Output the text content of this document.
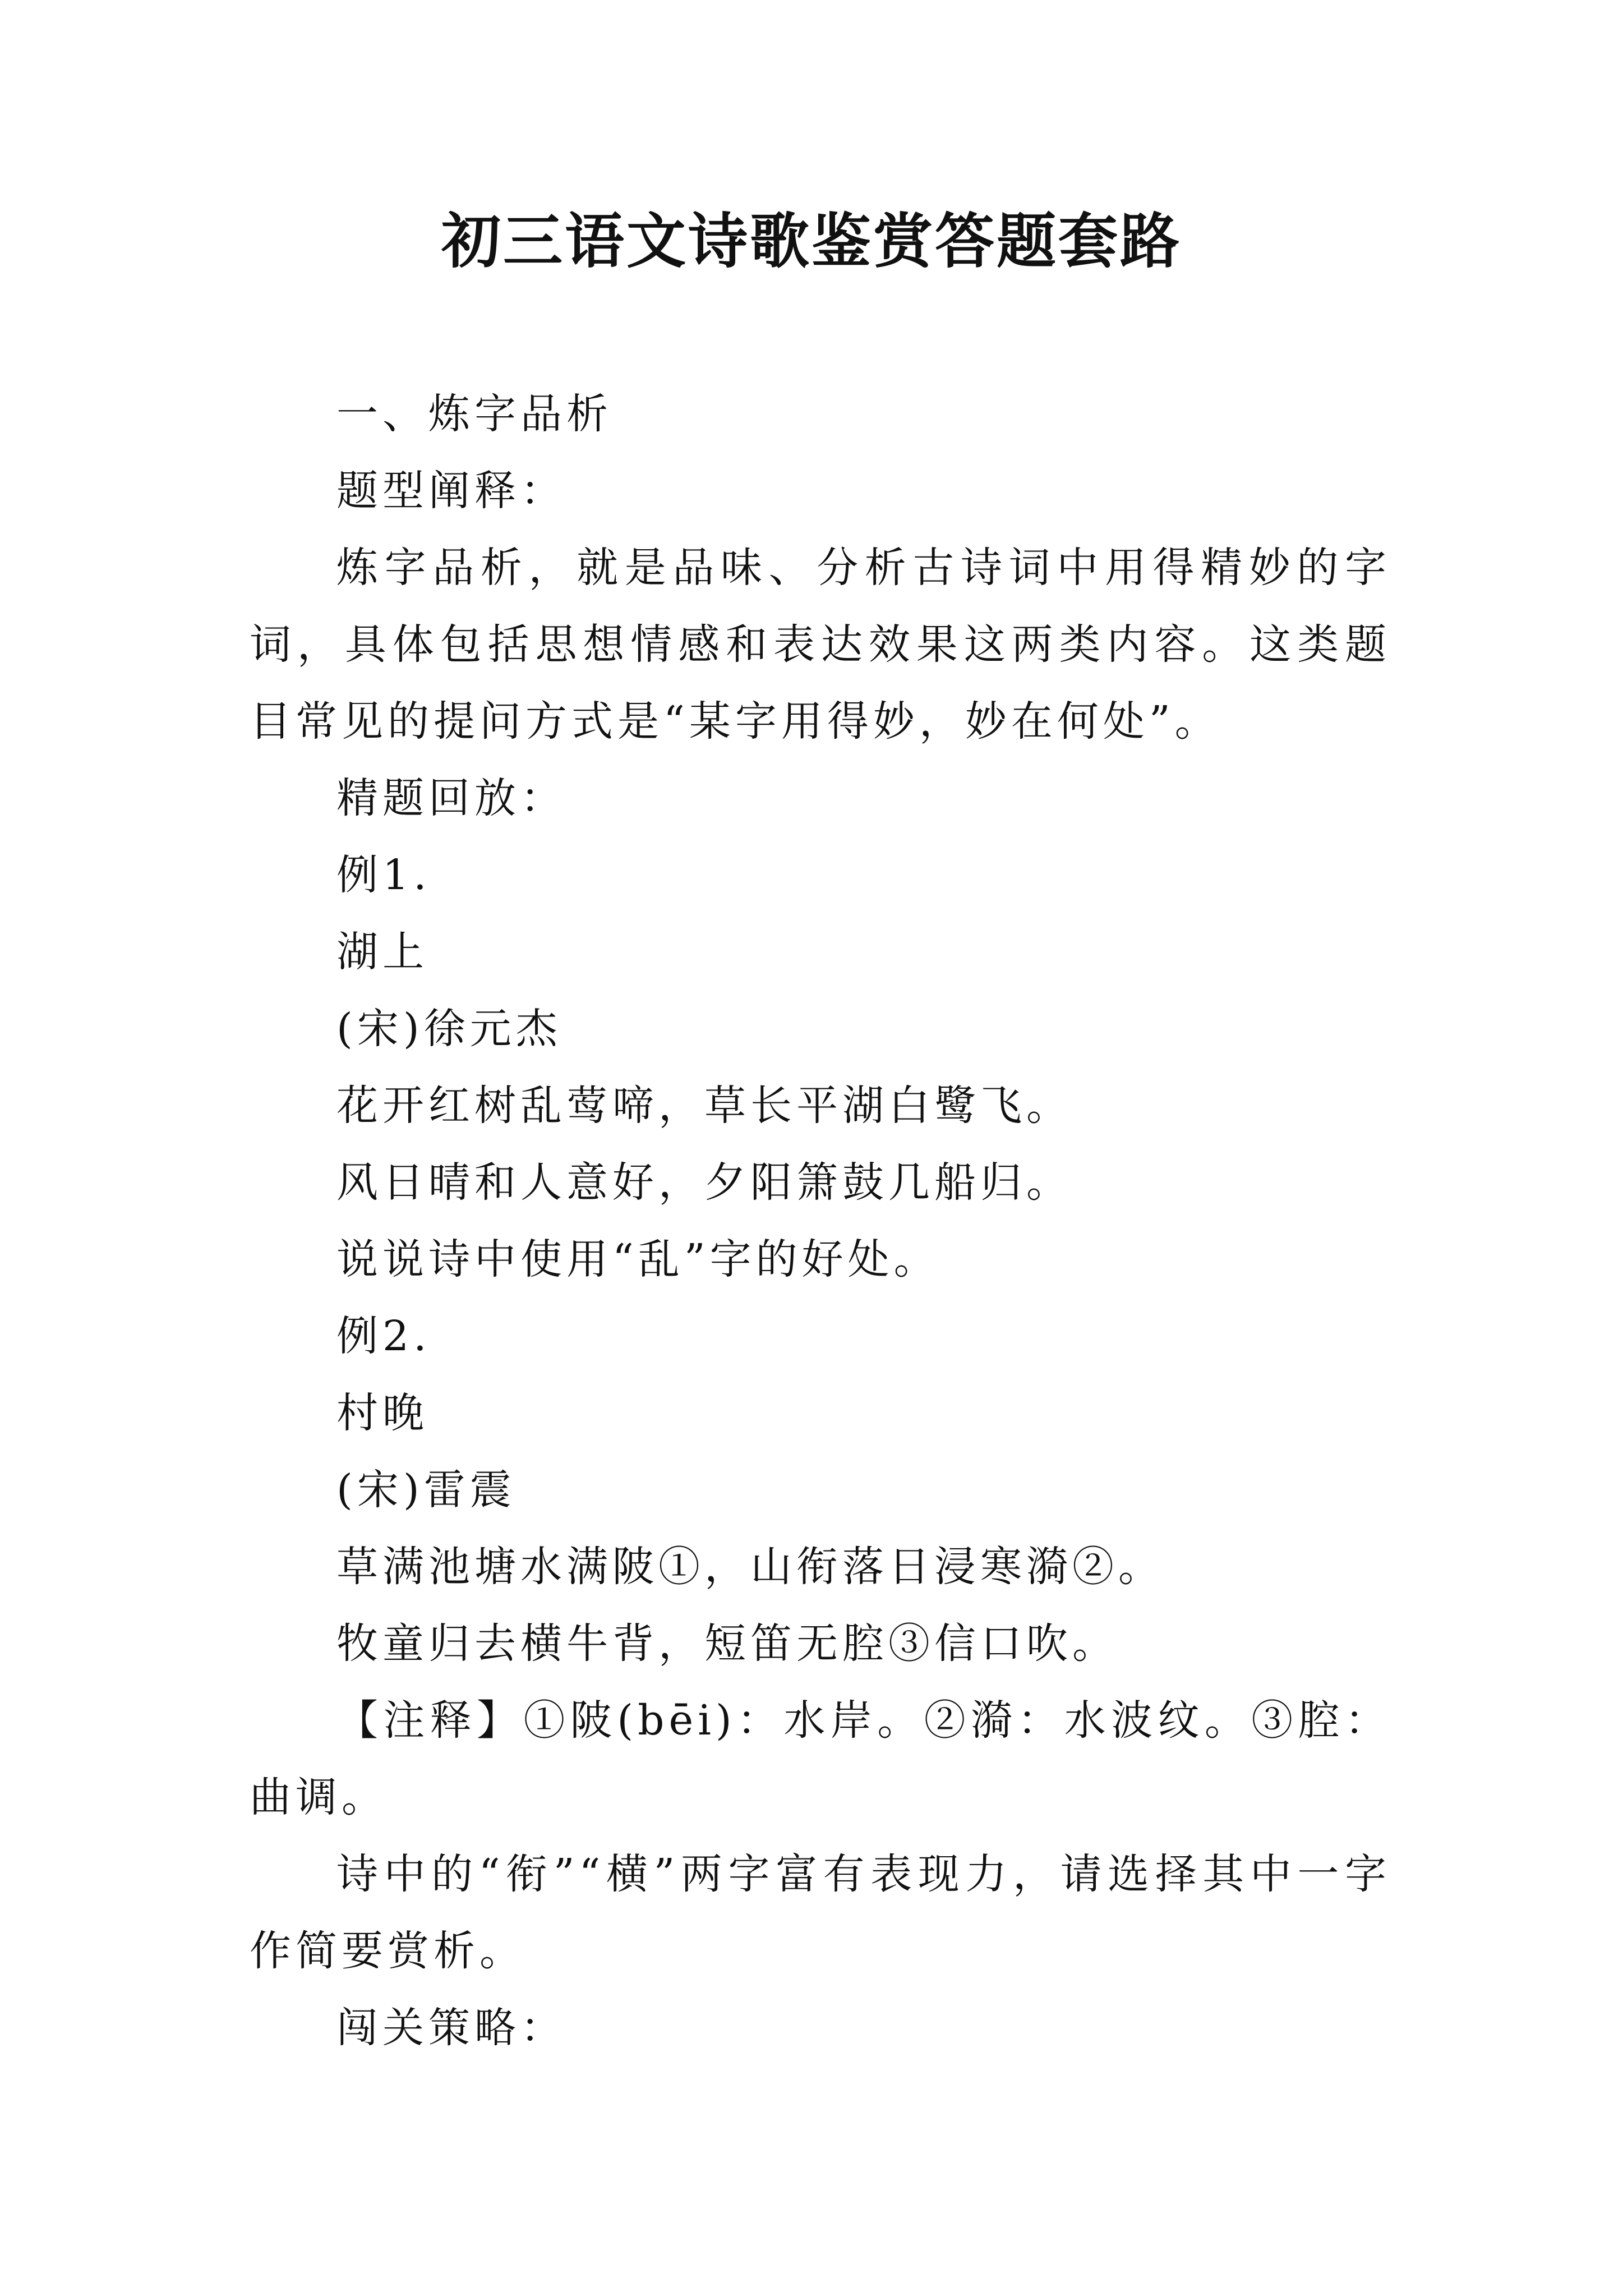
初三语文诗歌鉴赏答题套路

一、炼字品析

题型阐释：

炼字品析，就是品味、分析古诗词中用得精妙的字词，具体包括思想情感和表达效果这两类内容。这类题目常见的提问方式是“某字用得妙，妙在何处”。

精题回放：

例1.

湖上

(宋)徐元杰

花开红树乱莺啼，草长平湖白鹭飞。

风日晴和人意好，夕阳箫鼓几船归。

说说诗中使用“乱”字的好处。

例2.

村晚

(宋)雷震

草满池塘水满陂①，山衔落日浸寒漪②。

牧童归去横牛背，短笛无腔③信口吹。

【注释】①陂(bēi)：水岸。②漪：水波纹。③腔：曲调。

诗中的“衔”“横”两字富有表现力，请选择其中一字作简要赏析。

闯关策略：
